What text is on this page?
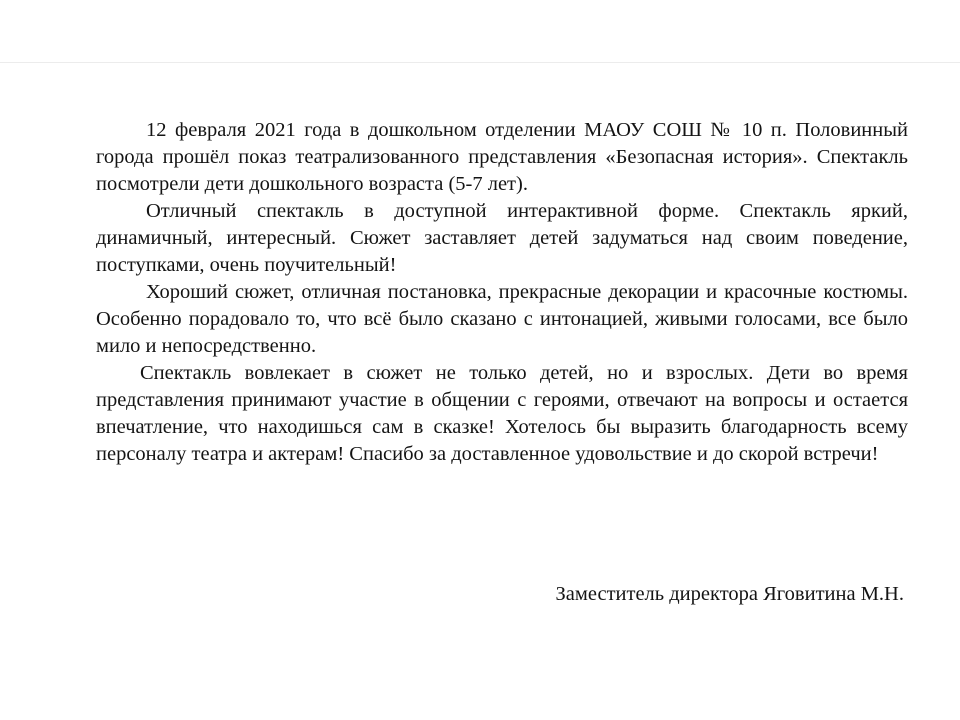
12 февраля 2021 года в дошкольном отделении МАОУ СОШ № 10 п. Половинный города прошёл показ театрализованного представления «Безопасная история». Спектакль посмотрели дети дошкольного возраста (5-7 лет).

Отличный спектакль в доступной интерактивной форме. Спектакль яркий, динамичный, интересный. Сюжет заставляет детей задуматься над своим поведение, поступками, очень поучительный!

Хороший сюжет, отличная постановка, прекрасные декорации и красочные костюмы. Особенно порадовало то, что всё было сказано с интонацией, живыми голосами, все было мило и непосредственно.

Спектакль вовлекает в сюжет не только детей, но и взрослых. Дети во время представления принимают участие в общении с героями, отвечают на вопросы и остается впечатление, что находишься сам в сказке! Хотелось бы выразить благодарность всему персоналу театра и актерам! Спасибо за доставленное удовольствие и до скорой встречи!

Заместитель директора Яговитина М.Н.
